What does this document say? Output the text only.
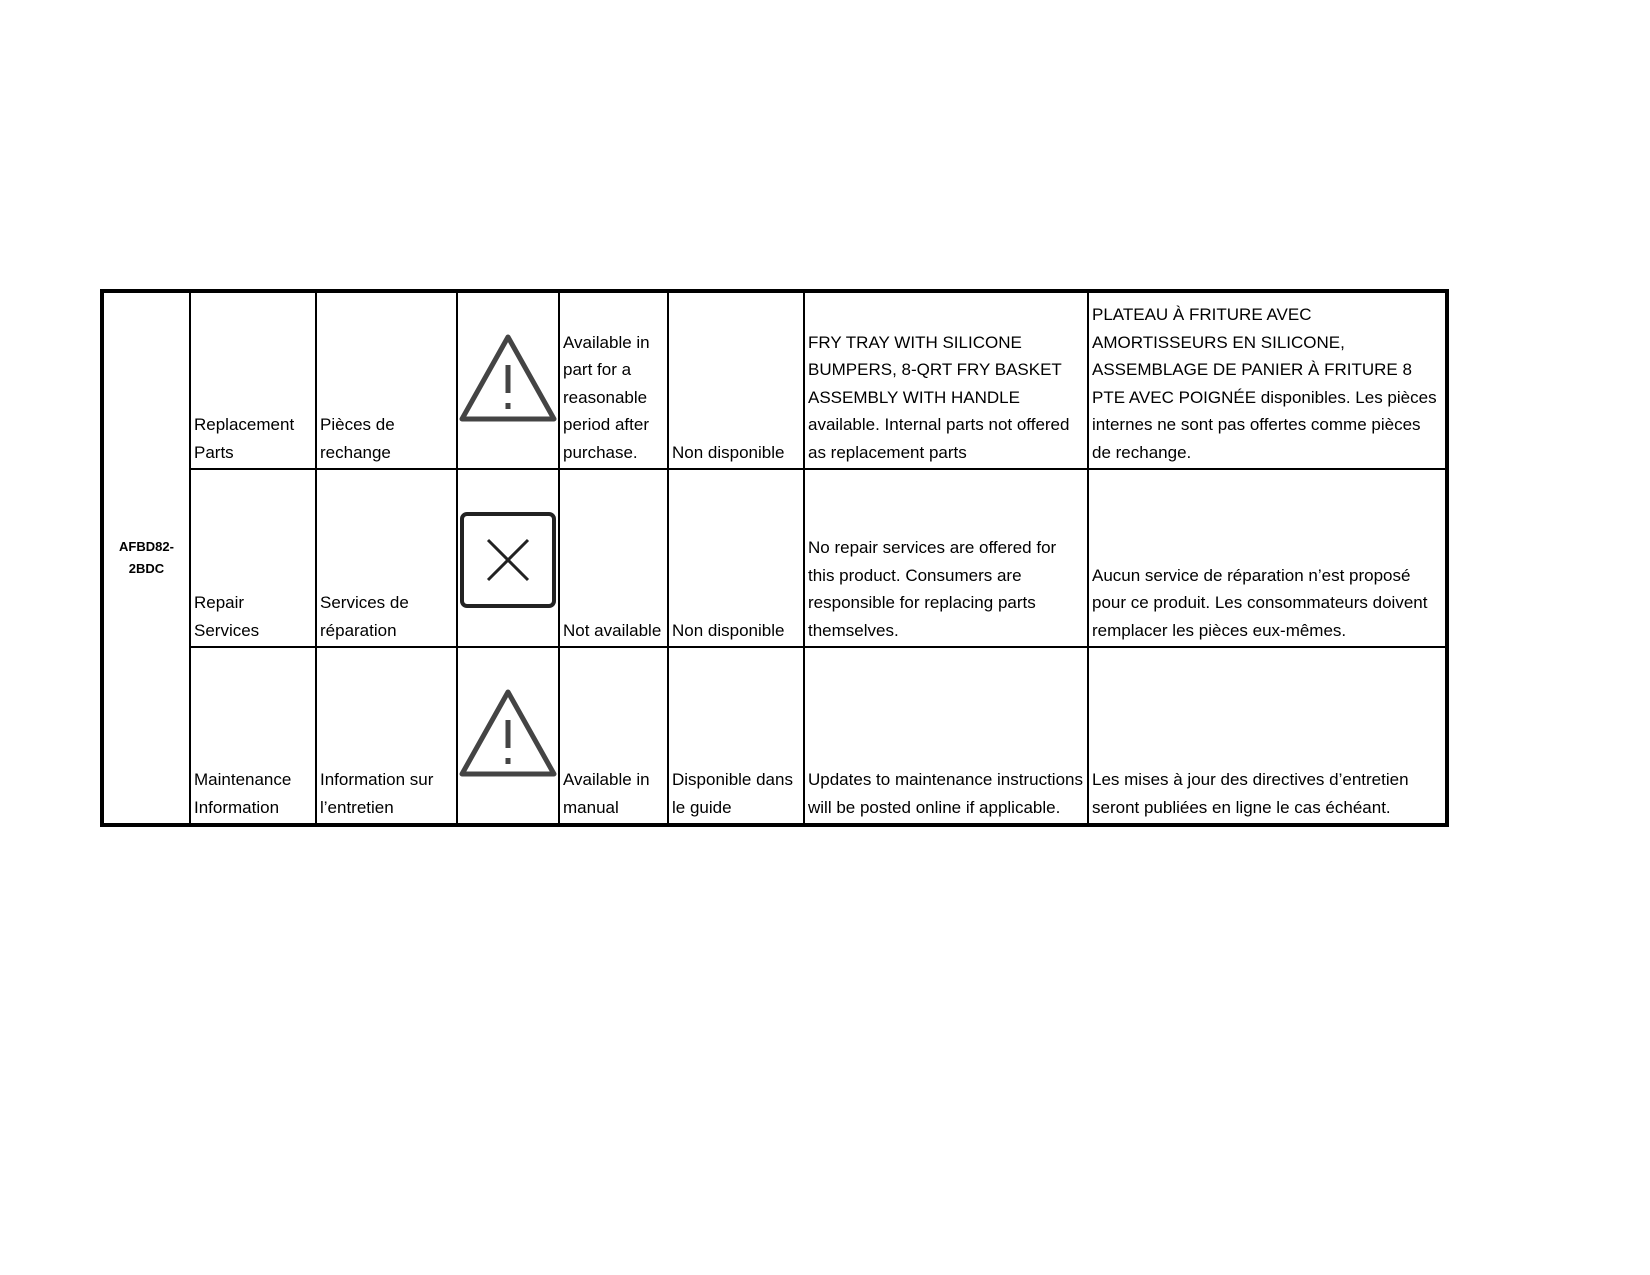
AFBD82-2BDC	Replacement Parts	Pièces de rechange		Available in part for a reasonable period after purchase.	Non disponible	FRY TRAY WITH SILICONE BUMPERS, 8-QRT FRY BASKET ASSEMBLY WITH HANDLE available. Internal parts not offered as replacement parts	PLATEAU À FRITURE AVEC AMORTISSEURS EN SILICONE, ASSEMBLAGE DE PANIER À FRITURE 8 PTE AVEC POIGNÉE disponibles. Les pièces internes ne sont pas offertes comme pièces de rechange.
	Repair Services	Services de réparation		Not available	Non disponible	No repair services are offered for this product. Consumers are responsible for replacing parts themselves.	Aucun service de réparation n’est proposé pour ce produit. Les consommateurs doivent remplacer les pièces eux-mêmes.
	Maintenance Information	Information sur l’entretien		Available in manual	Disponible dans le guide	Updates to maintenance instructions will be posted online if applicable.	Les mises à jour des directives d’entretien seront publiées en ligne le cas échéant.
